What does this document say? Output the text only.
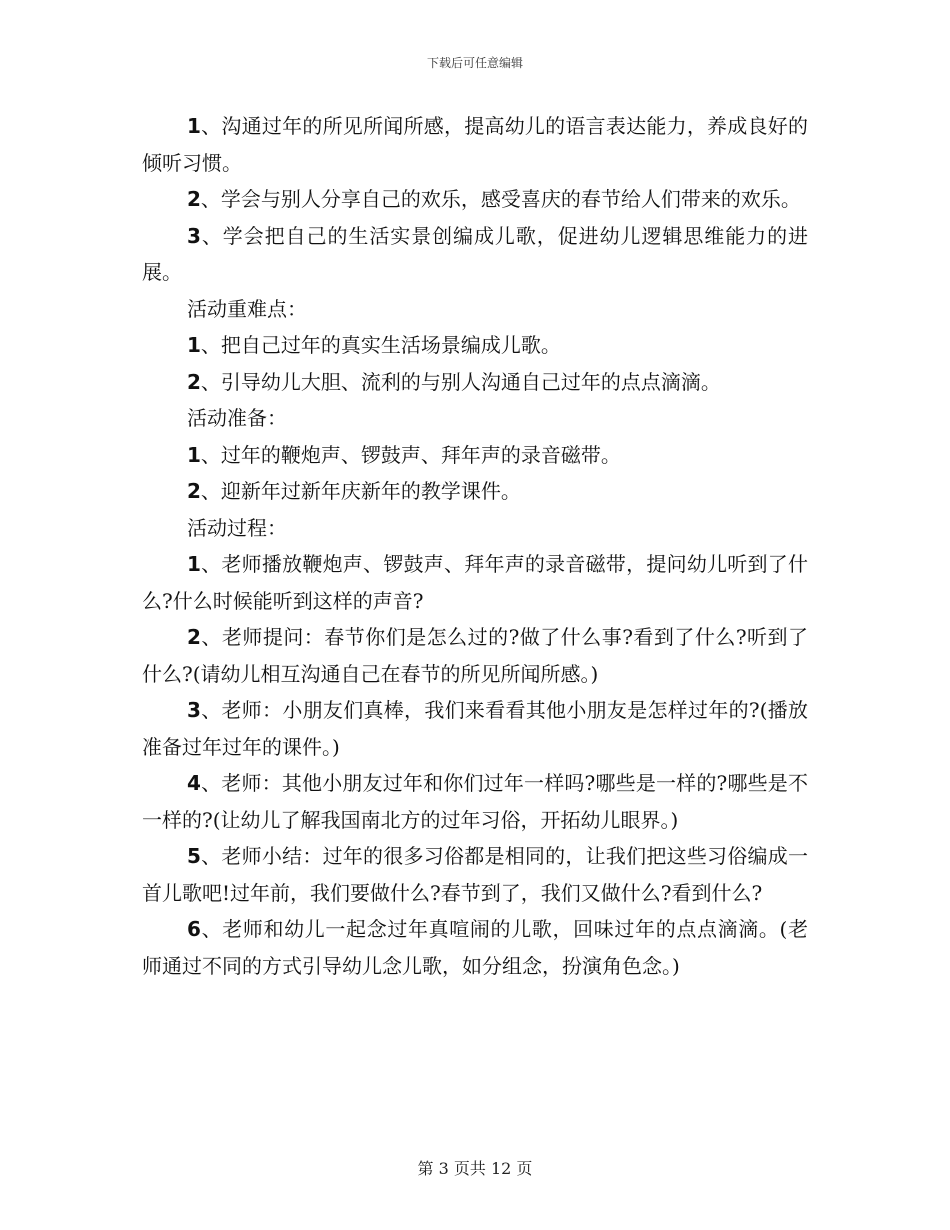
下载后可任意编辑

1、沟通过年的所见所闻所感，提高幼儿的语言表达能力，养成良好的倾听习惯。

2、学会与别人分享自己的欢乐，感受喜庆的春节给人们带来的欢乐。

3、学会把自己的生活实景创编成儿歌，促进幼儿逻辑思维能力的进展。

活动重难点：

1、把自己过年的真实生活场景编成儿歌。

2、引导幼儿大胆、流利的与别人沟通自己过年的点点滴滴。

活动准备：

1、过年的鞭炮声、锣鼓声、拜年声的录音磁带。

2、迎新年过新年庆新年的教学课件。

活动过程：

1、老师播放鞭炮声、锣鼓声、拜年声的录音磁带，提问幼儿听到了什么?什么时候能听到这样的声音?

2、老师提问：春节你们是怎么过的?做了什么事?看到了什么?听到了什么?(请幼儿相互沟通自己在春节的所见所闻所感。)

3、老师：小朋友们真棒，我们来看看其他小朋友是怎样过年的?(播放准备过年过年的课件。)

4、老师：其他小朋友过年和你们过年一样吗?哪些是一样的?哪些是不一样的?(让幼儿了解我国南北方的过年习俗，开拓幼儿眼界。)

5、老师小结：过年的很多习俗都是相同的，让我们把这些习俗编成一首儿歌吧!过年前，我们要做什么?春节到了，我们又做什么?看到什么?

6、老师和幼儿一起念过年真喧闹的儿歌，回味过年的点点滴滴。(老师通过不同的方式引导幼儿念儿歌，如分组念，扮演角色念。)

第 3 页共 12 页
